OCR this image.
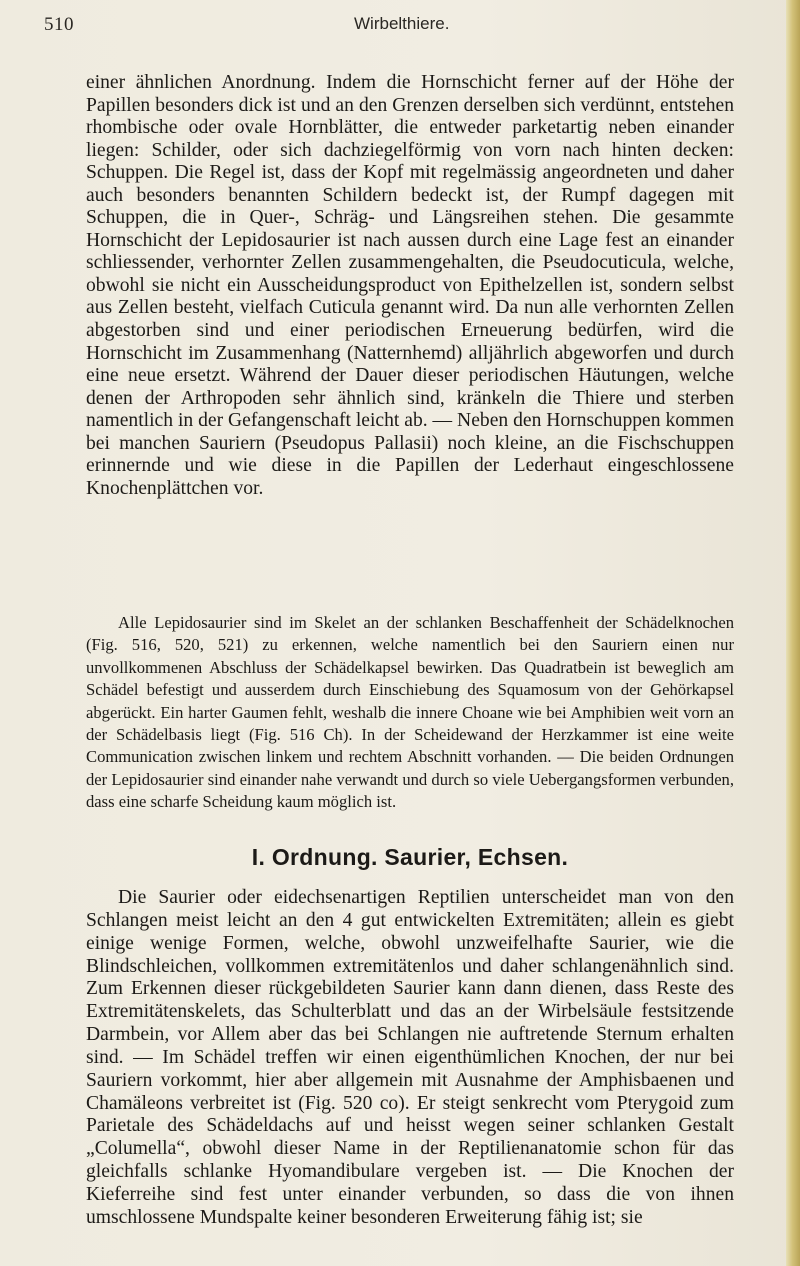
510	Wirbelthiere.

einer ähnlichen Anordnung. Indem die Hornschicht ferner auf der Höhe der Papillen besonders dick ist und an den Grenzen derselben sich verdünnt, entstehen rhombische oder ovale Hornblätter, die entweder parketartig neben einander liegen: Schilder, oder sich dachziegelförmig von vorn nach hinten decken: Schuppen. Die Regel ist, dass der Kopf mit regelmässig angeordneten und daher auch besonders benannten Schildern bedeckt ist, der Rumpf dagegen mit Schuppen, die in Quer-, Schräg- und Längsreihen stehen. Die gesammte Hornschicht der Lepidosaurier ist nach aussen durch eine Lage fest an einander schliessender, verhornter Zellen zusammengehalten, die Pseudocuticula, welche, obwohl sie nicht ein Ausscheidungsproduct von Epithelzellen ist, sondern selbst aus Zellen besteht, vielfach Cuticula genannt wird. Da nun alle verhornten Zellen abgestorben sind und einer periodischen Erneuerung bedürfen, wird die Hornschicht im Zusammenhang (Natternhemd) alljährlich abgeworfen und durch eine neue ersetzt. Während der Dauer dieser periodischen Häutungen, welche denen der Arthropoden sehr ähnlich sind, kränkeln die Thiere und sterben namentlich in der Gefangenschaft leicht ab. — Neben den Hornschuppen kommen bei manchen Sauriern (Pseudopus Pallasii) noch kleine, an die Fischschuppen erinnernde und wie diese in die Papillen der Lederhaut eingeschlossene Knochenplättchen vor.

Alle Lepidosaurier sind im Skelet an der schlanken Beschaffenheit der Schädelknochen (Fig. 516, 520, 521) zu erkennen, welche namentlich bei den Sauriern einen nur unvollkommenen Abschluss der Schädelkapsel bewirken. Das Quadratbein ist beweglich am Schädel befestigt und ausserdem durch Einschiebung des Squamosum von der Gehörkapsel abgerückt. Ein harter Gaumen fehlt, weshalb die innere Choane wie bei Amphibien weit vorn an der Schädelbasis liegt (Fig. 516 Ch). In der Scheidewand der Herzkammer ist eine weite Communication zwischen linkem und rechtem Abschnitt vorhanden. — Die beiden Ordnungen der Lepidosaurier sind einander nahe verwandt und durch so viele Uebergangsformen verbunden, dass eine scharfe Scheidung kaum möglich ist.

I. Ordnung. Saurier, Echsen.

Die Saurier oder eidechsenartigen Reptilien unterscheidet man von den Schlangen meist leicht an den 4 gut entwickelten Extremitäten; allein es giebt einige wenige Formen, welche, obwohl unzweifelhafte Saurier, wie die Blindschleichen, vollkommen extremitätenlos und daher schlangenähnlich sind. Zum Erkennen dieser rückgebildeten Saurier kann dann dienen, dass Reste des Extremitätenskelets, das Schulterblatt und das an der Wirbelsäule festsitzende Darmbein, vor Allem aber das bei Schlangen nie auftretende Sternum erhalten sind. — Im Schädel treffen wir einen eigenthümlichen Knochen, der nur bei Sauriern vorkommt, hier aber allgemein mit Ausnahme der Amphisbaenen und Chamäleons verbreitet ist (Fig. 520 co). Er steigt senkrecht vom Pterygoid zum Parietale des Schädeldachs auf und heisst wegen seiner schlanken Gestalt „Columella“, obwohl dieser Name in der Reptilienanatomie schon für das gleichfalls schlanke Hyomandibulare vergeben ist. — Die Knochen der Kieferreihe sind fest unter einander verbunden, so dass die von ihnen umschlossene Mundspalte keiner besonderen Erweiterung fähig ist; sie
